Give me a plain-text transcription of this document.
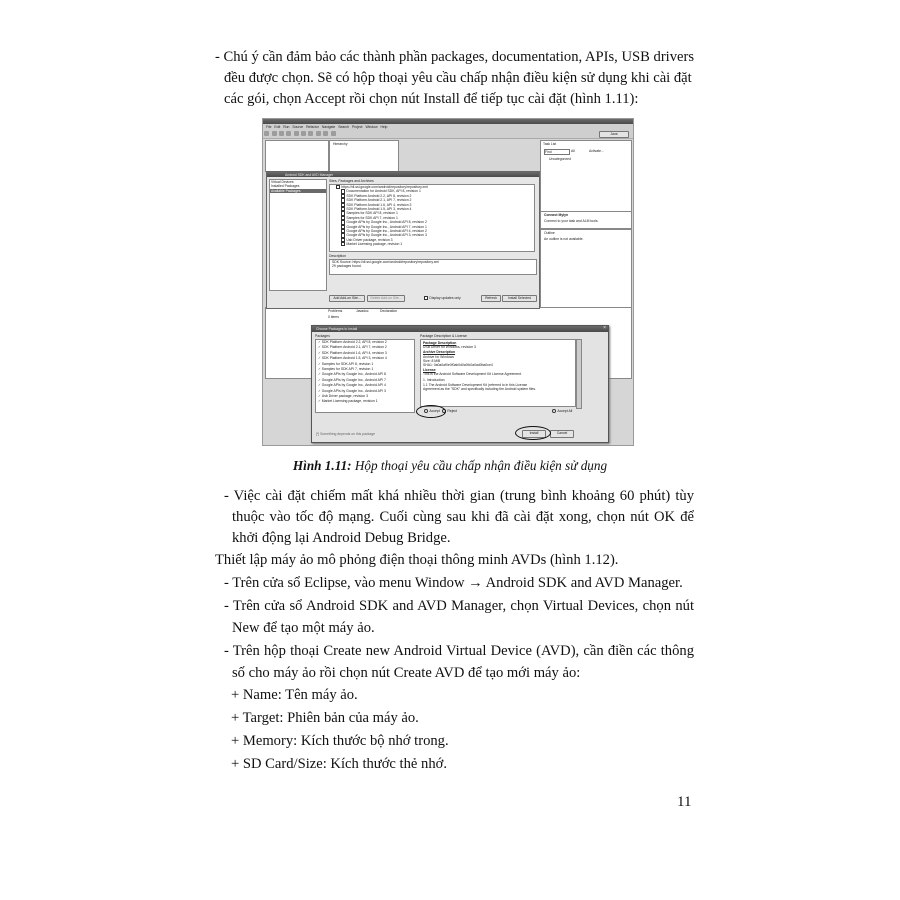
- Chú ý cần đảm bảo các thành phần packages, documentation, APIs, USB drivers

đều được chọn. Sẽ có hộp thoại yêu cầu chấp nhận điều kiện sử dụng khi cài đặt

các gói, chọn Accept rồi chọn nút Install để tiếp tục cài đặt (hình 1.11):

File Edit Run Source Refactor Navigate Search Project Window Help
Java
Hierarchy	Task List
Find	All	Activate...
Uncategorized
Connect Mylyn
Connect to your task and ALM tools.
Outline
An outline is not available.
Problems	Javadoc	Declaration
0 items
Android SDK and AVD Manager
Virtual Devices
Installed Packages
Available Packages
Sites, Packages and Archives
https://dl-ssl.google.com/android/repository/repository.xml
Documentation for Android SDK, API 8, revision 1
SDK Platform Android 2.2, API 8, revision 2
SDK Platform Android 2.1, API 7, revision 2
SDK Platform Android 1.6, API 4, revision 3
SDK Platform Android 1.5, API 3, revision 4
Samples for SDK API 8, revision 1
Samples for SDK API 7, revision 1
Google APIs by Google Inc., Android API 8, revision 2
Google APIs by Google Inc., Android API 7, revision 1
Google APIs by Google Inc., Android API 4, revision 2
Google APIs by Google Inc., Android API 3, revision 3
Usb Driver package, revision 3
Market Licensing package, revision 1
Description
SDK Source: https://dl-ssl.google.com/android/repository/repository.xml
29 packages found.
Add Add-on Site...	Delete Add-on Site...	Display updates only	Refresh	Install Selected
Choose Packages to Install	×
Packages
✓ SDK Platform Android 2.2, API 8, revision 2
✓ SDK Platform Android 2.1, API 7, revision 2
✓ SDK Platform Android 1.6, API 4, revision 3
✓ SDK Platform Android 1.5, API 3, revision 4
✓ Samples for SDK API 8, revision 1
✓ Samples for SDK API 7, revision 1
✓ Google APIs by Google Inc., Android API 8
✓ Google APIs by Google Inc., Android API 7
✓ Google APIs by Google Inc., Android API 4
✓ Google APIs by Google Inc., Android API 3
✓ Usb Driver package, revision 3
✓ Market Licensing package, revision 1
Package Description & License
Package Description
USB Driver for Windows, revision 3
Archive Description
Archive for Windows
Size: 8 MiB
SHA1: 0a0a0af0e0f0ab0d0a0fc0a0ad0ba0ce4
License
This is the Android Software Development Kit License Agreement.
1. Introduction
1.1 The Android Software Development Kit (referred to in this License
Agreement as the "SDK" and specifically including the Android system files.
Accept	Reject	Accept All
[*] Something depends on this package	Install	Cancel
Hình 1.11: Hộp thoại yêu cầu chấp nhận điều kiện sử dụng

- Việc cài đặt chiếm mất khá nhiều thời gian (trung bình khoảng 60 phút) tùy

thuộc vào tốc độ mạng. Cuối cùng sau khi đã cài đặt xong, chọn nút OK để

khởi động lại Android Debug Bridge.

Thiết lập máy ảo mô phỏng điện thoại thông minh AVDs (hình 1.12).

- Trên cửa sổ Eclipse, vào menu Window → Android SDK and AVD Manager.

- Trên cửa sổ Android SDK and AVD Manager, chọn Virtual Devices, chọn nút

New để tạo một máy ảo.

- Trên hộp thoại Create new Android Virtual Device (AVD), cần điền các thông

số cho máy ảo rồi chọn nút Create AVD để tạo mới máy ảo:

+ Name: Tên máy ảo.

+ Target: Phiên bản của máy ảo.

+ Memory: Kích thước bộ nhớ trong.

+ SD Card/Size: Kích thước thẻ nhớ.

11
